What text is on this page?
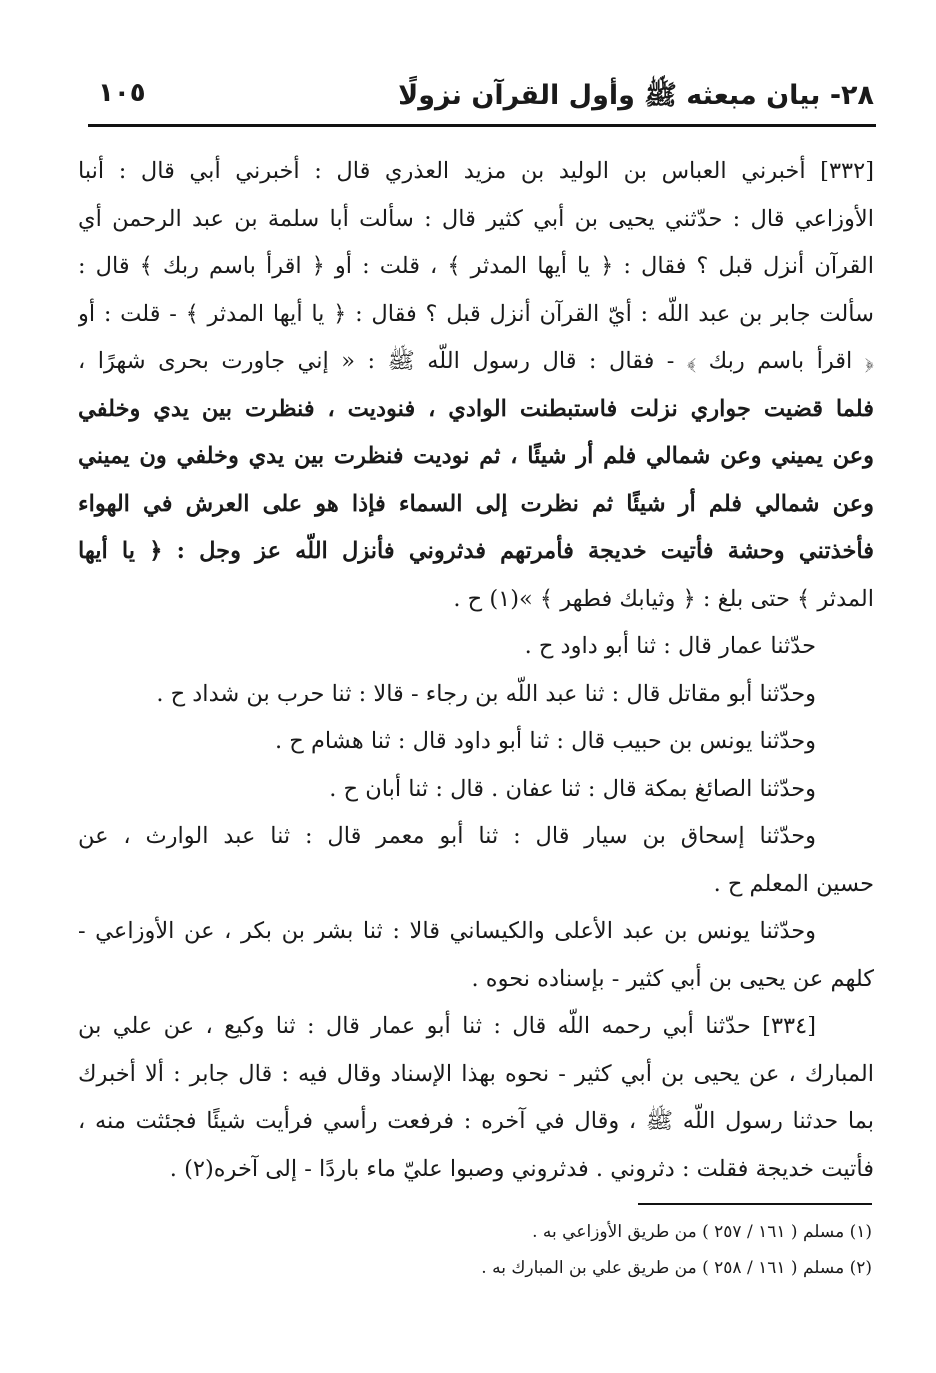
٢٨- بيان مبعثه ﷺ وأول القرآن نزولًا
١٠٥
[٣٣٢] أخبرني العباس بن الوليد بن مزيد العذري قال : أخبرني أبي قال : أنبا
الأوزاعي قال : حدّثني يحيى بن أبي كثير قال : سألت أبا سلمة بن عبد الرحمن أي
القرآن أنزل قبل ؟ فقال : ﴿ يا أيها المدثر ﴾ ، قلت : أو ﴿ اقرأ باسم ربك ﴾ قال :
سألت جابر بن عبد اللّه : أيّ القرآن أنزل قبل ؟ فقال : ﴿ يا أيها المدثر ﴾ - قلت : أو
﴿ اقرأ باسم ربك ﴾ - فقال : قال رسول اللّه ﷺ : « إني جاورت بحرى شهرًا ،
فلما قضيت جواري نزلت فاستبطنت الوادي ، فنوديت ، فنظرت بين يدي وخلفي
وعن يميني وعن شمالي فلم أر شيئًا ، ثم نوديت فنظرت بين يدي وخلفي ون يميني
وعن شمالي فلم أر شيئًا ثم نظرت إلى السماء فإذا هو على العرش في الهواء
فأخذتني وحشة فأتيت خديجة فأمرتهم فدثروني فأنزل اللّه عز وجل : ﴿ يا أيها
المدثر ﴾ حتى بلغ : ﴿ وثيابك فطهر ﴾ »(١) ح .
حدّثنا عمار قال : ثنا أبو داود ح .
وحدّثنا أبو مقاتل قال : ثنا عبد اللّه بن رجاء - قالا : ثنا حرب بن شداد ح .
وحدّثنا يونس بن حبيب قال : ثنا أبو داود قال : ثنا هشام ح .
وحدّثنا الصائغ بمكة قال : ثنا عفان . قال : ثنا أبان ح .
وحدّثنا إسحاق بن سيار قال : ثنا أبو معمر قال : ثنا عبد الوارث ، عن
حسين المعلم ح .
وحدّثنا يونس بن عبد الأعلى والكيساني قالا : ثنا بشر بن بكر ، عن الأوزاعي -
كلهم عن يحيى بن أبي كثير - بإسناده نحوه .
[٣٣٤] حدّثنا أبي رحمه اللّه قال : ثنا أبو عمار قال : ثنا وكيع ، عن علي بن
المبارك ، عن يحيى بن أبي كثير - نحوه بهذا الإسناد وقال فيه : قال جابر : ألا أخبرك
بما حدثنا رسول اللّه ﷺ ، وقال في آخره : فرفعت رأسي فرأيت شيئًا فجئثت منه ،
فأتيت خديجة فقلت : دثروني . فدثروني وصبوا عليّ ماء باردًا - إلى آخره(٢) .
(١) مسلم ( ١٦١ / ٢٥٧ ) من طريق الأوزاعي به .
(٢) مسلم ( ١٦١ / ٢٥٨ ) من طريق علي بن المبارك به .
